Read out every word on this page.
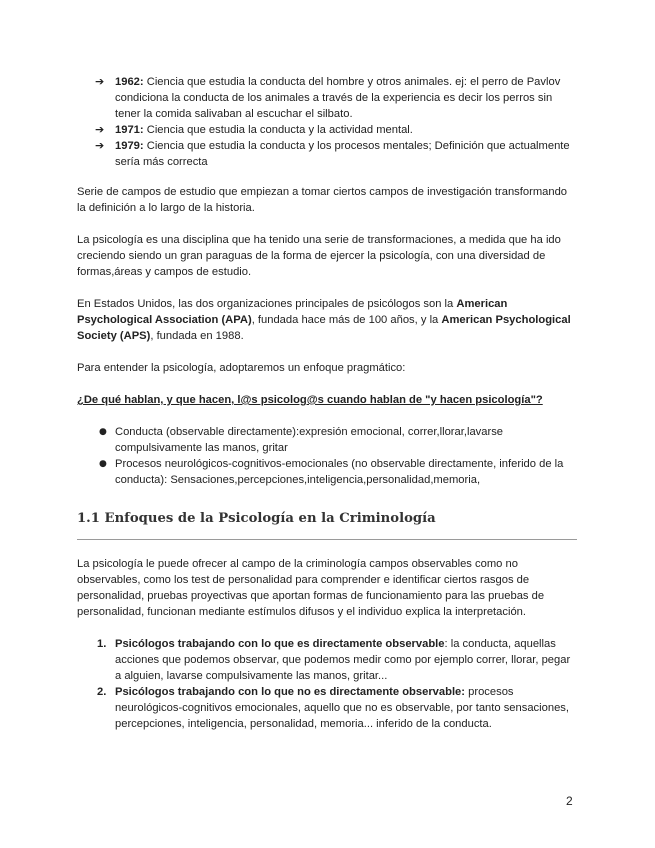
➔ 1962: Ciencia que estudia la conducta del hombre y otros animales. ej: el perro de Pavlov condiciona la conducta de los animales a través de la experiencia es decir los perros sin tener la comida salivaban al escuchar el silbato.
➔ 1971: Ciencia que estudia la conducta y la actividad mental.
➔ 1979: Ciencia que estudia la conducta y los procesos mentales; Definición que actualmente sería más correcta

Serie de campos de estudio que empiezan a tomar ciertos campos de investigación transformando la definición a lo largo de la historia.

La psicología es una disciplina que ha tenido una serie de transformaciones, a medida que ha ido creciendo siendo un gran paraguas de la forma de ejercer la psicología, con una diversidad de formas,áreas y campos de estudio.

En Estados Unidos, las dos organizaciones principales de psicólogos son la American Psychological Association (APA), fundada hace más de 100 años, y la American Psychological Society (APS), fundada en 1988.

Para entender la psicología, adoptaremos un enfoque pragmático:

¿De qué hablan, y que hacen, l@s psicolog@s cuando hablan de "y hacen psicología"?

● Conducta (observable directamente):expresión emocional, correr,llorar,lavarse compulsivamente las manos, gritar
● Procesos neurológicos-cognitivos-emocionales (no observable directamente, inferido de la conducta): Sensaciones,percepciones,inteligencia,personalidad,memoria,
1.1 Enfoques de la Psicología en la Criminología

La psicología le puede ofrecer al campo de la criminología campos observables como no observables, como los test de personalidad para comprender e identificar ciertos rasgos de personalidad, pruebas proyectivas que aportan formas de funcionamiento para las pruebas de personalidad, funcionan mediante estímulos difusos y el individuo explica la interpretación.

1. Psicólogos trabajando con lo que es directamente observable: la conducta, aquellas acciones que podemos observar, que podemos medir como por ejemplo correr, llorar, pegar a alguien, lavarse compulsivamente las manos, gritar...
2. Psicólogos trabajando con lo que no es directamente observable: procesos neurológicos-cognitivos emocionales, aquello que no es observable, por tanto sensaciones, percepciones, inteligencia, personalidad, memoria... inferido de la conducta.
2
